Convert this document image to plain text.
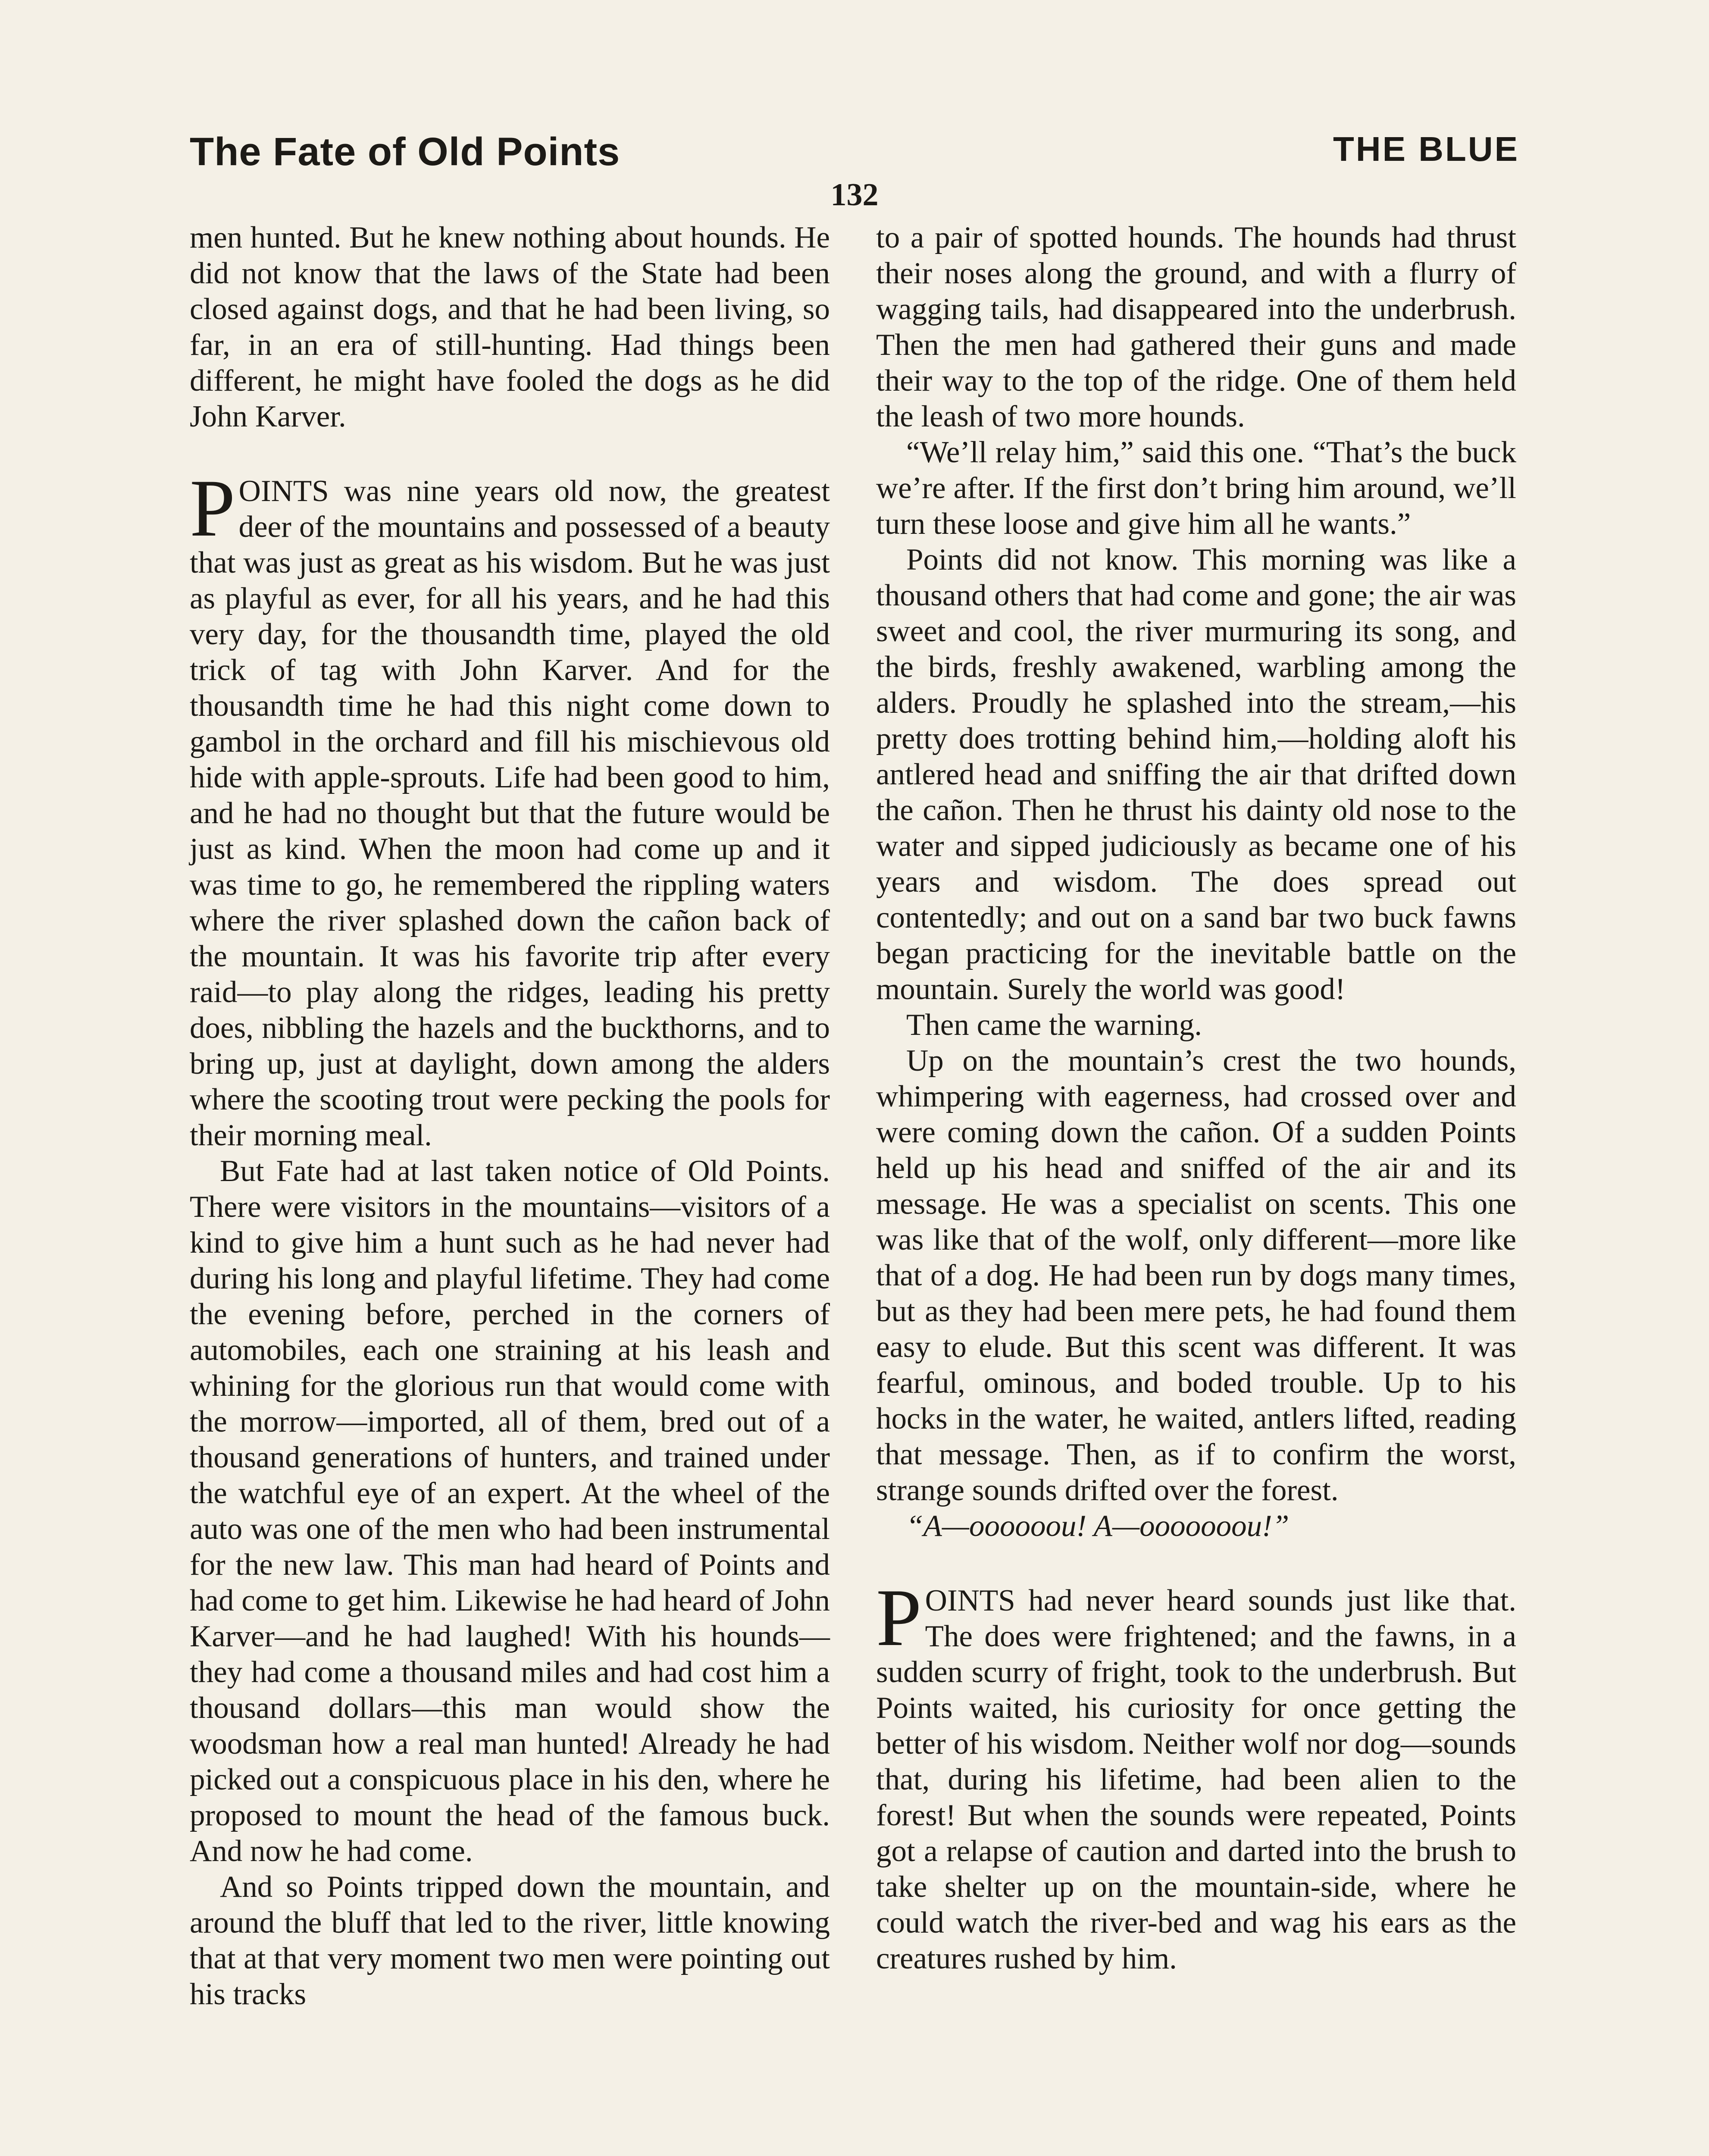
The Fate of Old Points	THE BLUE
132

men hunted. But he knew nothing about hounds. He did not know that the laws of the State had been closed against dogs, and that he had been living, so far, in an era of still-hunting. Had things been different, he might have fooled the dogs as he did John Karver.

POINTS was nine years old now, the greatest deer of the mountains and possessed of a beauty that was just as great as his wisdom. But he was just as playful as ever, for all his years, and he had this very day, for the thousandth time, played the old trick of tag with John Karver. And for the thousandth time he had this night come down to gambol in the orchard and fill his mischievous old hide with apple-sprouts. Life had been good to him, and he had no thought but that the future would be just as kind. When the moon had come up and it was time to go, he remembered the rippling waters where the river splashed down the cañon back of the mountain. It was his favorite trip after every raid—to play along the ridges, leading his pretty does, nibbling the hazels and the buckthorns, and to bring up, just at daylight, down among the alders where the scooting trout were pecking the pools for their morning meal.

But Fate had at last taken notice of Old Points. There were visitors in the mountains—visitors of a kind to give him a hunt such as he had never had during his long and playful lifetime. They had come the evening before, perched in the corners of automobiles, each one straining at his leash and whining for the glorious run that would come with the morrow—imported, all of them, bred out of a thousand generations of hunters, and trained under the watchful eye of an expert. At the wheel of the auto was one of the men who had been instrumental for the new law. This man had heard of Points and had come to get him. Likewise he had heard of John Karver—and he had laughed! With his hounds—they had come a thousand miles and had cost him a thousand dollars—this man would show the woodsman how a real man hunted! Already he had picked out a conspicuous place in his den, where he proposed to mount the head of the famous buck. And now he had come.

And so Points tripped down the mountain, and around the bluff that led to the river, little knowing that at that very moment two men were pointing out his tracks

to a pair of spotted hounds. The hounds had thrust their noses along the ground, and with a flurry of wagging tails, had disappeared into the underbrush. Then the men had gathered their guns and made their way to the top of the ridge. One of them held the leash of two more hounds.

“We’ll relay him,” said this one. “That’s the buck we’re after. If the first don’t bring him around, we’ll turn these loose and give him all he wants.”

Points did not know. This morning was like a thousand others that had come and gone; the air was sweet and cool, the river murmuring its song, and the birds, freshly awakened, warbling among the alders. Proudly he splashed into the stream,—his pretty does trotting behind him,—holding aloft his antlered head and sniffing the air that drifted down the cañon. Then he thrust his dainty old nose to the water and sipped judiciously as became one of his years and wisdom. The does spread out contentedly; and out on a sand bar two buck fawns began practicing for the inevitable battle on the mountain. Surely the world was good!

Then came the warning.

Up on the mountain’s crest the two hounds, whimpering with eagerness, had crossed over and were coming down the cañon. Of a sudden Points held up his head and sniffed of the air and its message. He was a specialist on scents. This one was like that of the wolf, only different—more like that of a dog. He had been run by dogs many times, but as they had been mere pets, he had found them easy to elude. But this scent was different. It was fearful, ominous, and boded trouble. Up to his hocks in the water, he waited, antlers lifted, reading that message. Then, as if to confirm the worst, strange sounds drifted over the forest.

“A—oooooou! A—ooooooou!”

POINTS had never heard sounds just like that. The does were frightened; and the fawns, in a sudden scurry of fright, took to the underbrush. But Points waited, his curiosity for once getting the better of his wisdom. Neither wolf nor dog—sounds that, during his lifetime, had been alien to the forest! But when the sounds were repeated, Points got a relapse of caution and darted into the brush to take shelter up on the mountain-side, where he could watch the river-bed and wag his ears as the creatures rushed by him.
